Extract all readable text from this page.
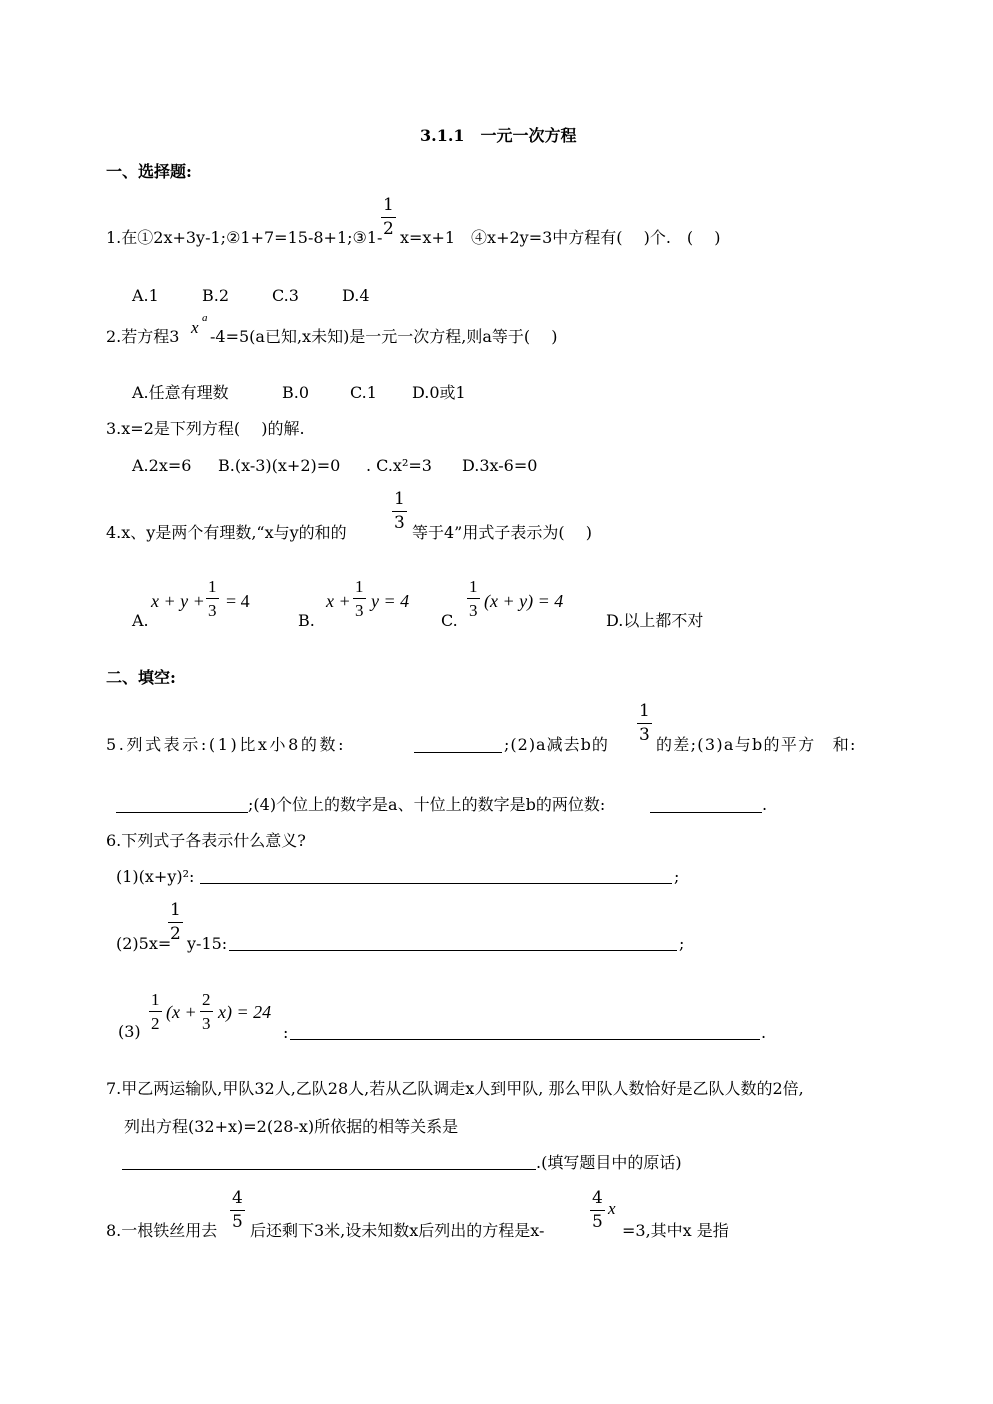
3.1.1　一元一次方程
一、选择题:
1.在①2x+3y-1;②1+7=15-8+1;③1-
$\frac{1}{2} x=x+1$　④x+2y=3中方程有(　 )个.　(　 )
A.1	B.2	C.3	D.4
2.若方程3 x a
-4=5(a已知,x未知)是一元一次方程,则a等于(　 )
A.任意有理数	B.0	C.1 D.0或1
3.x=2是下列方程(　 )的解.
A.2x=6 B.(x-3)(x+2)=0 . C.x²=3 D.3x-6=0
4.x、y是两个有理数,“x与y的和的
$\frac{1}{3}$
等于4”用式子表示为(　 )
A.
$x + y + \frac{1}{3} = 4$
B.
$x + \frac{1}{3}$ y = 4
C.
$\frac{1}{3} (x + y) = 4$
D.以上都不对
二、填空:
5.列式表示:(1)比x小8的数:	;(2)a减去b的
$\frac{1}{3}$
的差;(3)a与b的平方　和:
;(4)个位上的数字是a、十位上的数字是b的两位数:	.
6.下列式子各表示什么意义?
(1)(x+y)²:	;
(2)5x=
$\frac{1}{2}$
y-15:	;
$(3) \frac{1}{2} (x + \frac{2}{3} x) = 24$
:	.
7.甲乙两运输队,甲队32人,乙队28人,若从乙队调走x人到甲队, 那么甲队人数恰好是乙队人数的2倍,
列出方程(32+x)=2(28-x)所依据的相等关系是
.(填写题目中的原话)
8.一根铁丝用去 $\frac{4}{5}$ 后还剩下3米,设未知数x后列出的方程是x-	$\frac{4}{5}$ x
=3,其中x 是指
